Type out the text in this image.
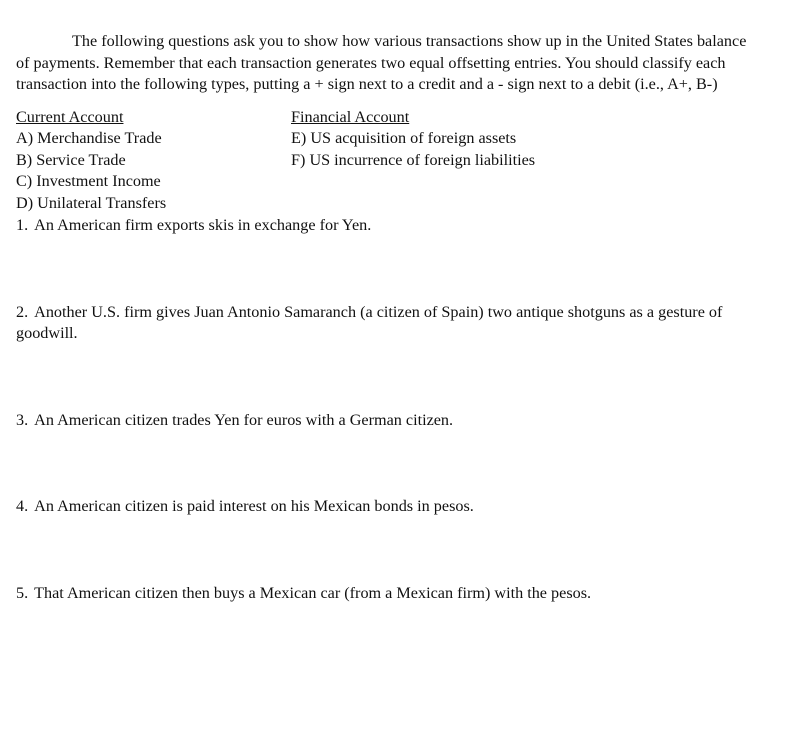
The following questions ask you to show how various transactions show up in the United States balance of payments. Remember that each transaction generates two equal offsetting entries. You should classify each transaction into the following types, putting a + sign next to a credit and a - sign next to a debit (i.e., A+, B-)

Current Account
A) Merchandise Trade
B) Service Trade
C) Investment Income
D) Unilateral Transfers
Financial Account
E) US acquisition of foreign assets
F) US incurrence of foreign liabilities

1. An American firm exports skis in exchange for Yen.

2. Another U.S. firm gives Juan Antonio Samaranch (a citizen of Spain) two antique shotguns as a gesture of goodwill.

3. An American citizen trades Yen for euros with a German citizen.

4. An American citizen is paid interest on his Mexican bonds in pesos.

5. That American citizen then buys a Mexican car (from a Mexican firm) with the pesos.
